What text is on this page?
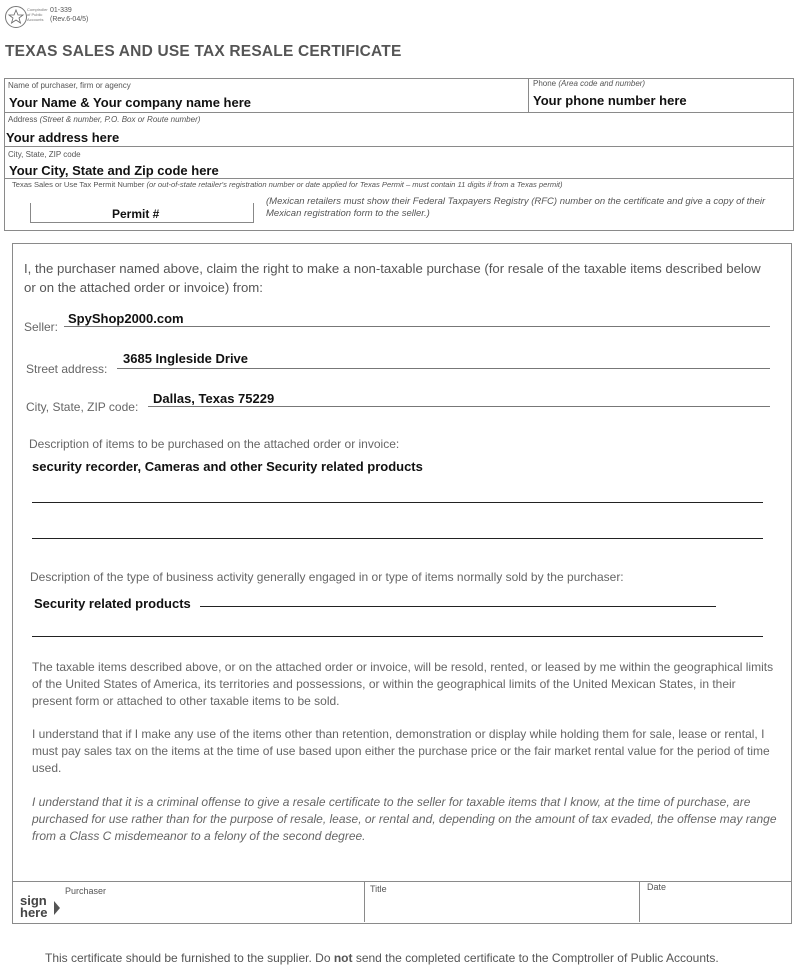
Comptroller of Public Accounts
01-339
(Rev.6-04/5)
TEXAS SALES AND USE TAX RESALE CERTIFICATE
Name of purchaser, firm or agency
Your Name & Your company name here
Phone (Area code and number)
Your phone number here
Address (Street & number, P.O. Box or Route number)
Your address here
City, State, ZIP code
Your City, State and Zip code here
Texas Sales or Use Tax Permit Number (or out-of-state retailer's registration number or date applied for Texas Permit – must contain 11 digits if from a Texas permit)
Permit #
(Mexican retailers must show their Federal Taxpayers Registry (RFC) number on the certificate and give a copy of their Mexican registration form to the seller.)
I, the purchaser named above, claim the right to make a non-taxable purchase (for resale of the taxable items described below or on the attached order or invoice) from:
Seller:
SpyShop2000.com
Street address:
3685 Ingleside Drive
City, State, ZIP code:
Dallas, Texas 75229
Description of items to be purchased on the attached order or invoice:
security recorder, Cameras and other Security related products
Description of the type of business activity generally engaged in or type of items normally sold by the purchaser:
Security related products
The taxable items described above, or on the attached order or invoice, will be resold, rented, or leased by me within the geographical limits of the United States of America, its territories and possessions, or within the geographical limits of the United Mexican States, in their present form or attached to other taxable items to be sold.
I understand that if I make any use of the items other than retention, demonstration or display while holding them for sale, lease or rental, I must pay sales tax on the items at the time of use based upon either the purchase price or the fair market rental value for the period of time used.
I understand that it is a criminal offense to give a resale certificate to the seller for taxable items that I know, at the time of purchase, are purchased for use rather than for the purpose of resale, lease, or rental and, depending on the amount of tax evaded, the offense may range from a Class C misdemeanor to a felony of the second degree.
sign
here
Purchaser	Title	Date
This certificate should be furnished to the supplier. Do not send the completed certificate to the Comptroller of Public Accounts.
